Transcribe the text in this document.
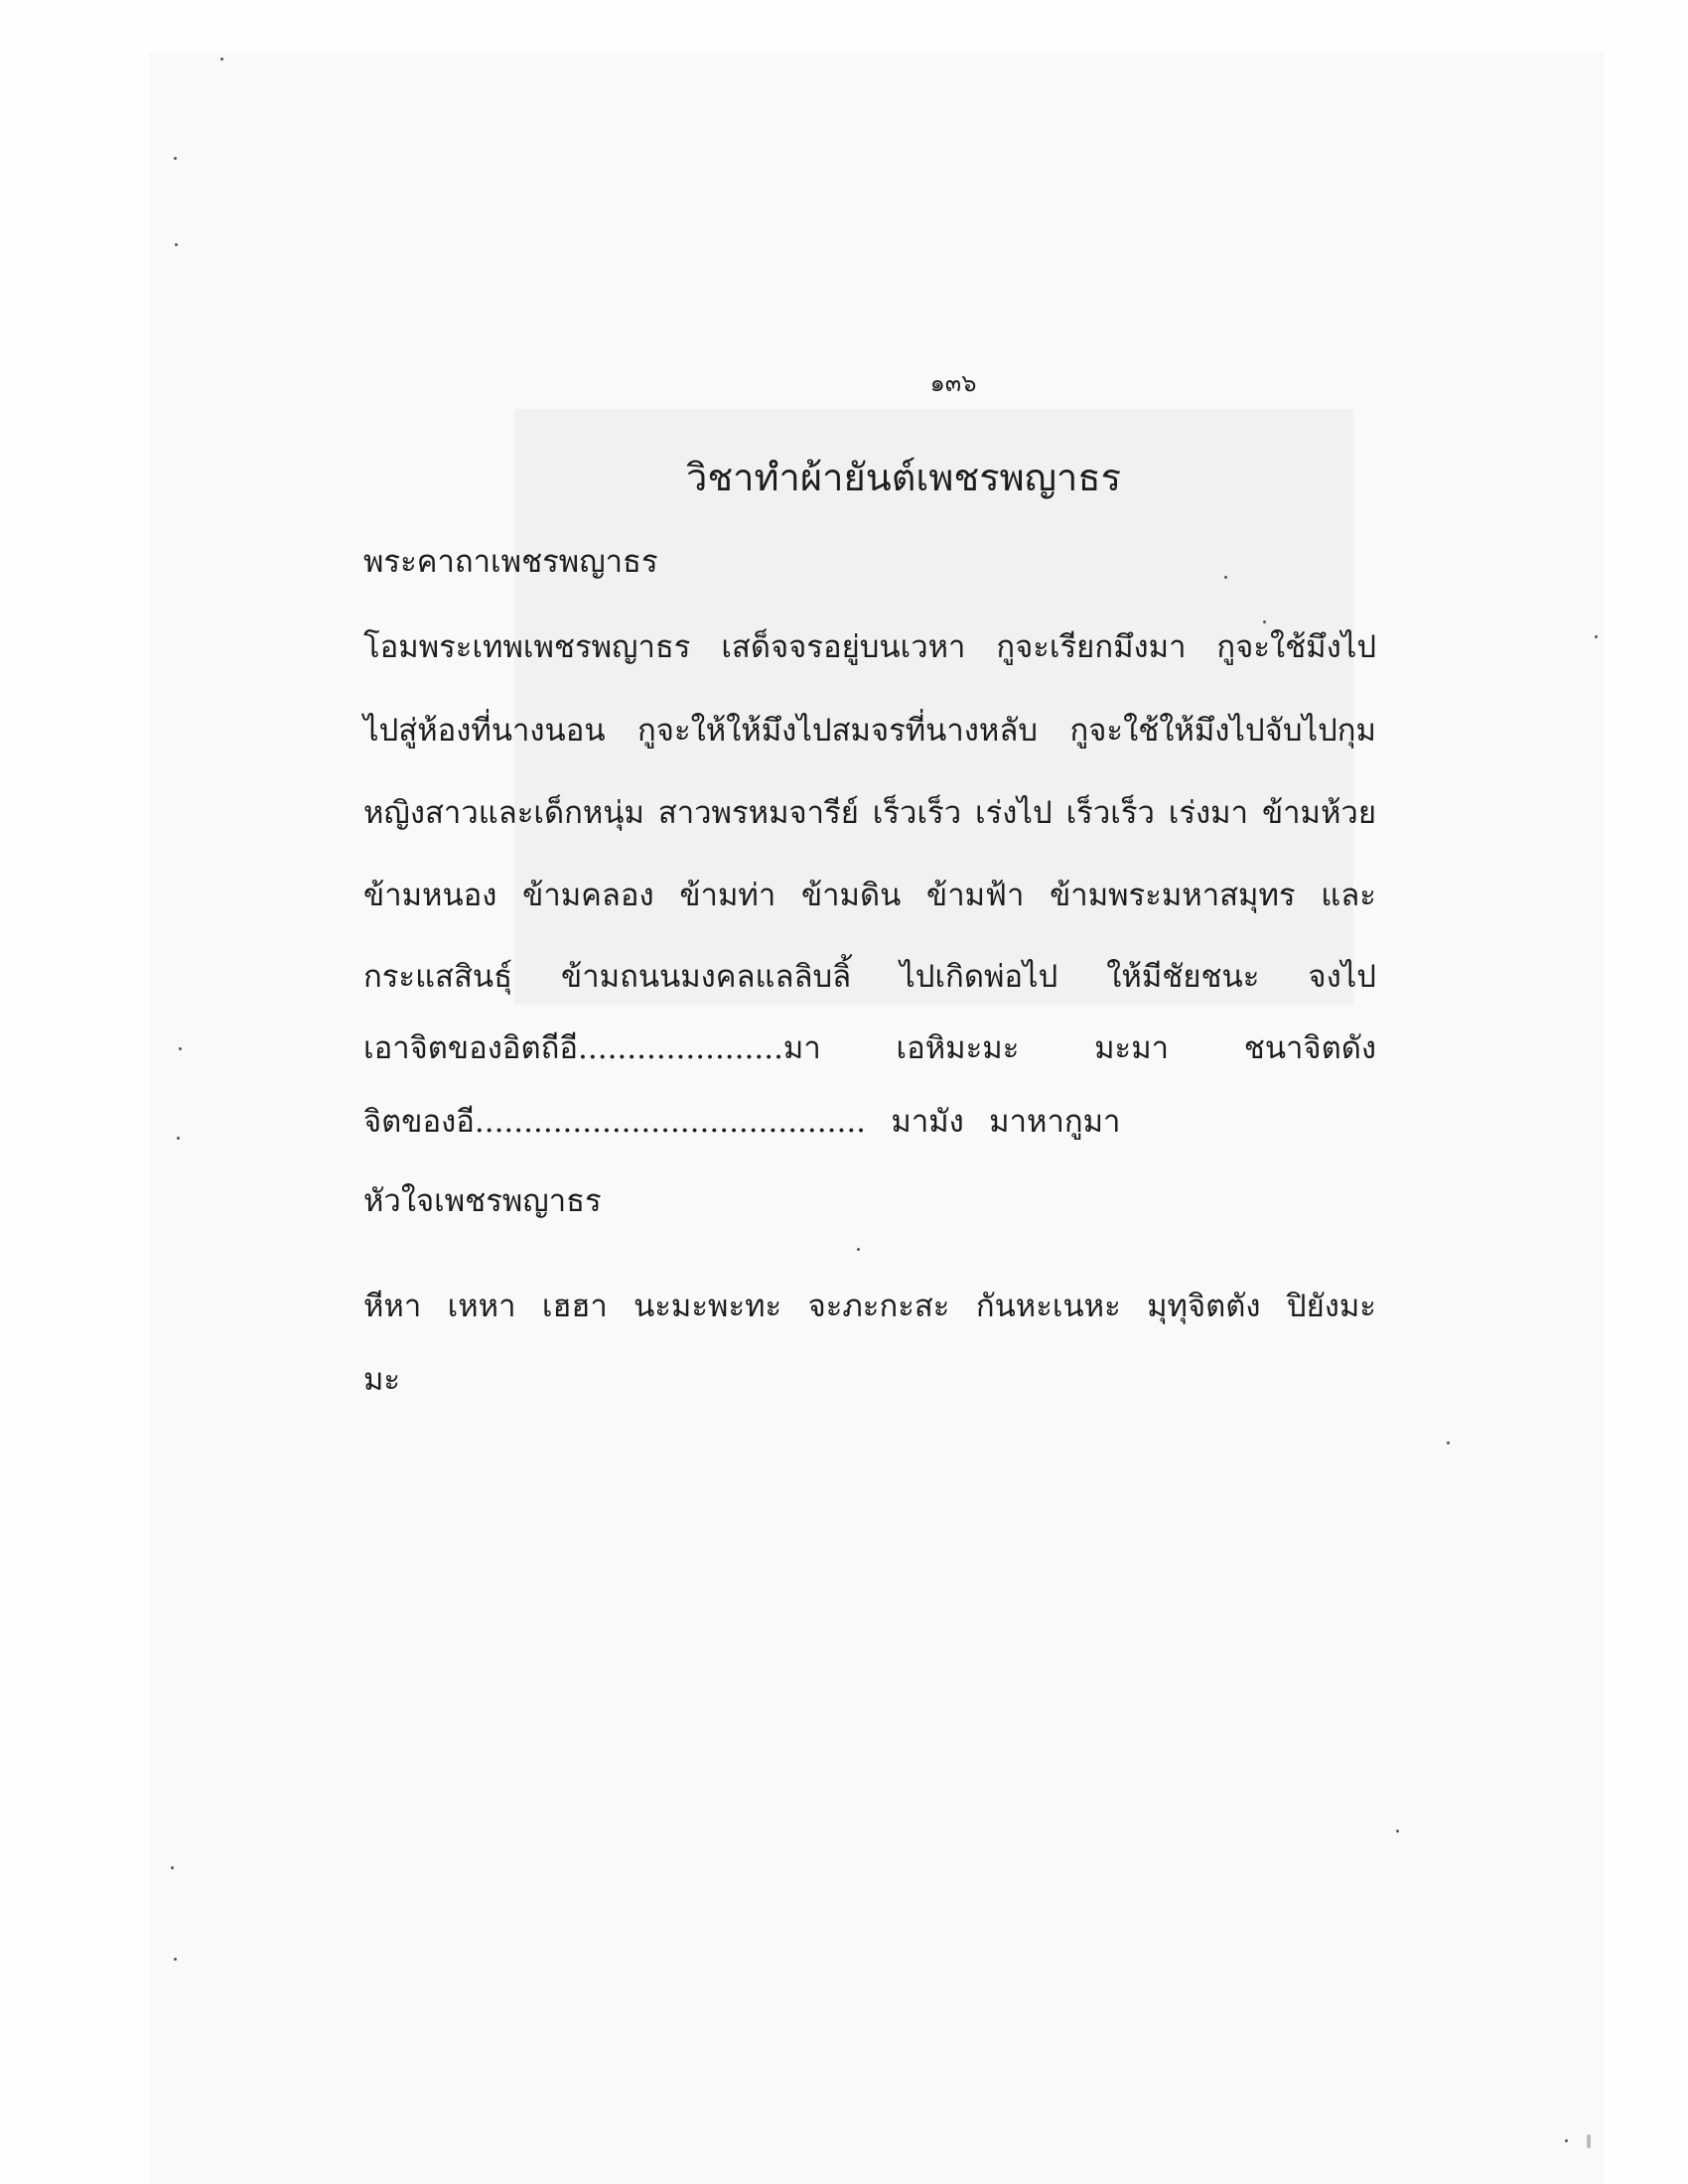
๑๓๖
วิชาทำผ้ายันต์เพชรพญาธร
พระคาถาเพชรพญาธร
โอมพระเทพเพชรพญาธร เสด็จจรอยู่บนเวหา กูจะเรียกมึงมา กูจะใช้มึงไป
ไปสู่ห้องที่นางนอน กูจะให้ให้มึงไปสมจรที่นางหลับ กูจะใช้ให้มึงไปจับไปกุม
หญิงสาวและเด็กหนุ่ม สาวพรหมจารีย์ เร็วเร็ว เร่งไป เร็วเร็ว เร่งมา ข้ามห้วย
ข้ามหนอง ข้ามคลอง ข้ามท่า ข้ามดิน ข้ามฟ้า ข้ามพระมหาสมุทร และ
กระแสสินธุ์ ข้ามถนนมงคลแลลิบลิ้ ไปเกิดพ่อไป ให้มีชัยชนะ จงไป
เอาจิตของอิตถีอี.....................มา เอหิมะมะ มะมา ชนาจิตดัง
จิตของอี........................................ มามัง มาหากูมา
หัวใจเพชรพญาธร
หีหา เหหา เฮฮา นะมะพะทะ จะภะกะสะ กันหะเนหะ มุทุจิตตัง ปิยังมะ
มะ
